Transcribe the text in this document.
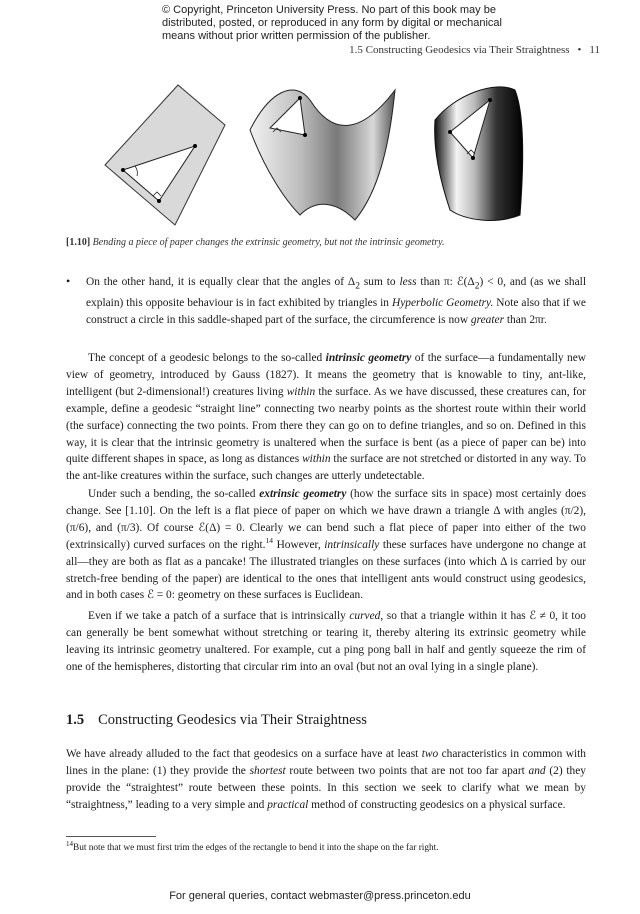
© Copyright, Princeton University Press. No part of this book may be
distributed, posted, or reproduced in any form by digital or mechanical
means without prior written permission of the publisher.
1.5 Constructing Geodesics via Their Straightness • 11
[1.10] Bending a piece of paper changes the extrinsic geometry, but not the intrinsic geometry.
• On the other hand, it is equally clear that the angles of $\Delta_2$ sum to less than π: $ℰ(\Delta_2) < 0$, and (as we shall explain) this opposite behaviour is in fact exhibited by triangles in Hyperbolic Geometry. Note also that if we construct a circle in this saddle-shaped part of the surface, the circumference is now greater than 2πr.

The concept of a geodesic belongs to the so-called intrinsic geometry of the surface—a fundamentally new view of geometry, introduced by Gauss (1827). It means the geometry that is knowable to tiny, ant-like, intelligent (but 2-dimensional!) creatures living within the surface. As we have discussed, these creatures can, for example, define a geodesic “straight line” connecting two nearby points as the shortest route within their world (the surface) connecting the two points. From there they can go on to define triangles, and so on. Defined in this way, it is clear that the intrinsic geometry is unaltered when the surface is bent (as a piece of paper can be) into quite different shapes in space, as long as distances within the surface are not stretched or distorted in any way. To the ant-like creatures within the surface, such changes are utterly undetectable.

Under such a bending, the so-called extrinsic geometry (how the surface sits in space) most certainly does change. See [1.10]. On the left is a flat piece of paper on which we have drawn a triangle Δ with angles (π/2), (π/6), and (π/3). Of course ℰ(Δ) = 0. Clearly we can bend such a flat piece of paper into either of the two (extrinsically) curved surfaces on the right.$^{14}$ However, intrinsically these surfaces have undergone no change at all—they are both as flat as a pancake! The illustrated triangles on these surfaces (into which Δ is carried by our stretch-free bending of the paper) are identical to the ones that intelligent ants would construct using geodesics, and in both cases ℰ = 0: geometry on these surfaces is Euclidean.

Even if we take a patch of a surface that is intrinsically curved, so that a triangle within it has ℰ ≠ 0, it too can generally be bent somewhat without stretching or tearing it, thereby altering its extrinsic geometry while leaving its intrinsic geometry unaltered. For example, cut a ping pong ball in half and gently squeeze the rim of one of the hemispheres, distorting that circular rim into an oval (but not an oval lying in a single plane).

1.5 Constructing Geodesics via Their Straightness

We have already alluded to the fact that geodesics on a surface have at least two characteristics in common with lines in the plane: (1) they provide the shortest route between two points that are not too far apart and (2) they provide the “straightest” route between these points. In this section we seek to clarify what we mean by “straightness,” leading to a very simple and practical method of constructing geodesics on a physical surface.

$^{14}$But note that we must first trim the edges of the rectangle to bend it into the shape on the far right.
For general queries, contact webmaster@press.princeton.edu
